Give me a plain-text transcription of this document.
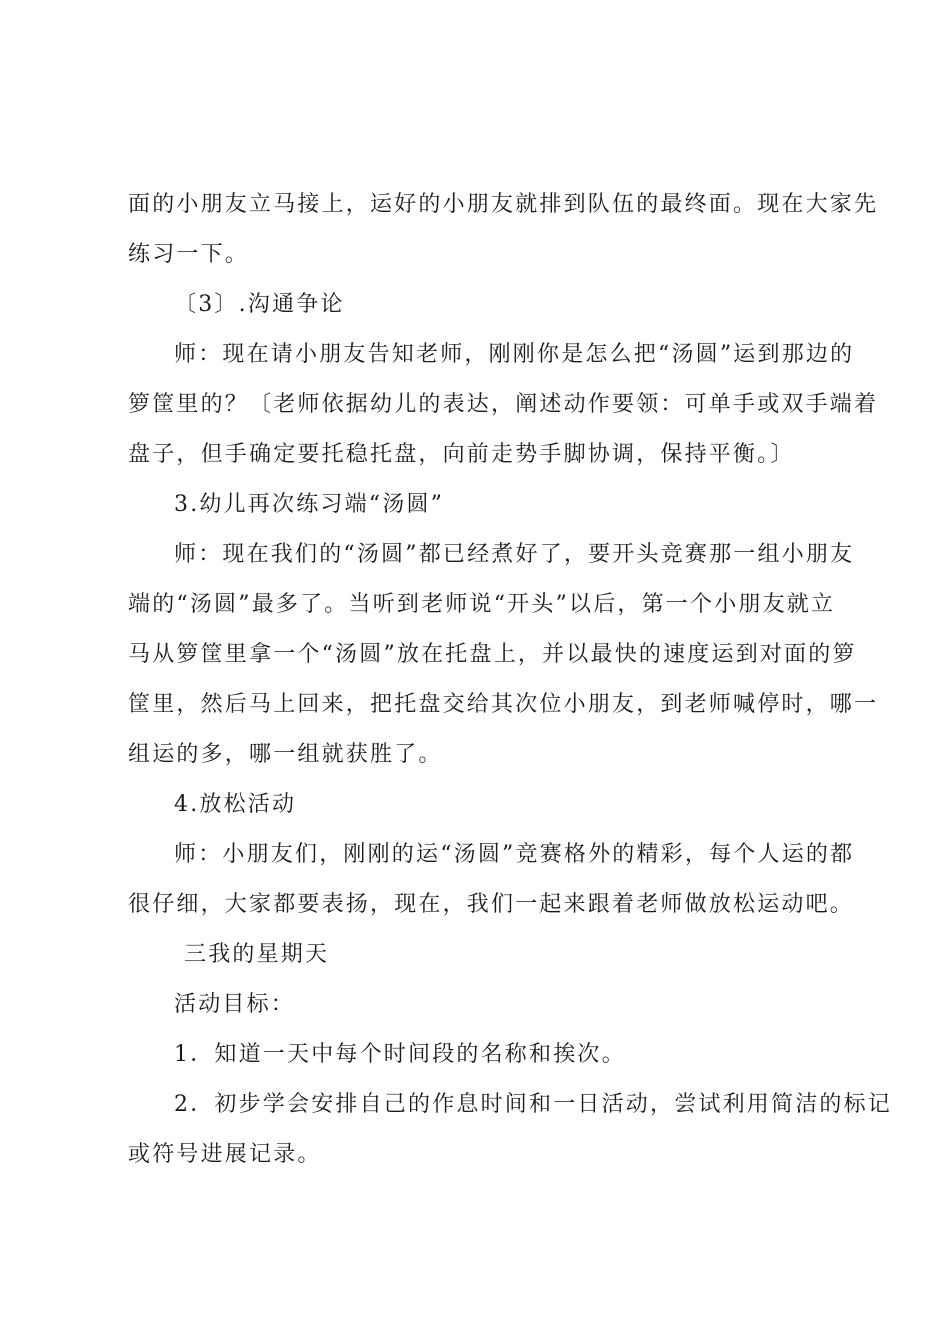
面的小朋友立马接上，运好的小朋友就排到队伍的最终面。现在大家先
练习一下。
〔3〕.沟通争论
师：现在请小朋友告知老师，刚刚你是怎么把“汤圆”运到那边的
箩筐里的？〔老师依据幼儿的表达，阐述动作要领：可单手或双手端着
盘子，但手确定要托稳托盘，向前走势手脚协调，保持平衡。〕
3.幼儿再次练习端“汤圆”
师：现在我们的“汤圆”都已经煮好了，要开头竞赛那一组小朋友
端的“汤圆”最多了。当听到老师说“开头”以后，第一个小朋友就立
马从箩筐里拿一个“汤圆”放在托盘上，并以最快的速度运到对面的箩
筐里，然后马上回来，把托盘交给其次位小朋友，到老师喊停时，哪一
组运的多，哪一组就获胜了。
4.放松活动
师：小朋友们，刚刚的运“汤圆”竞赛格外的精彩，每个人运的都
很仔细，大家都要表扬，现在，我们一起来跟着老师做放松运动吧。
三我的星期天
活动目标：
1．知道一天中每个时间段的名称和挨次。
2．初步学会安排自己的作息时间和一日活动，尝试利用简洁的标记
或符号进展记录。
